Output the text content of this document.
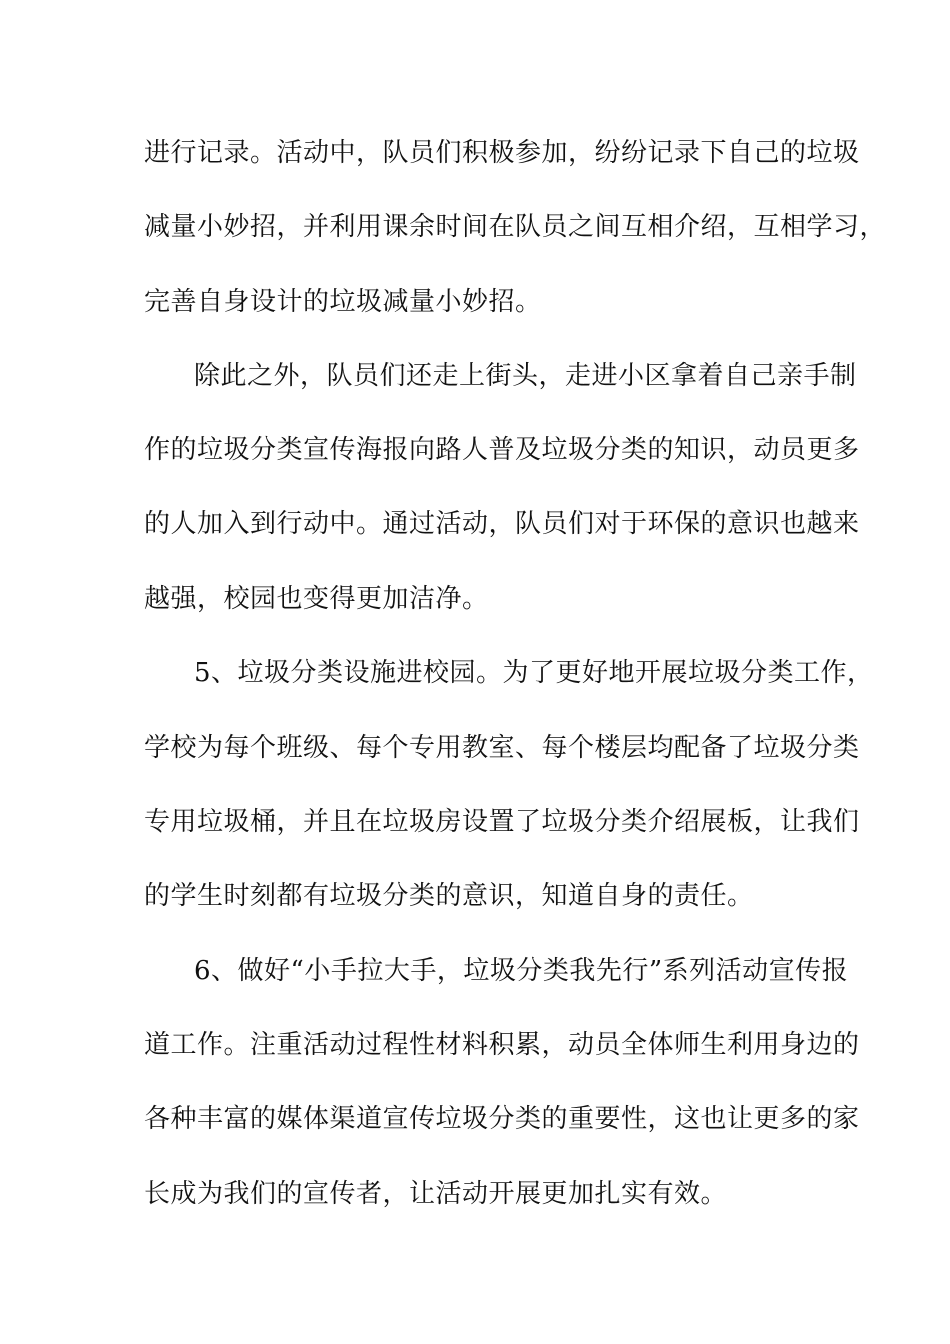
进行记录。活动中，队员们积极参加，纷纷记录下自己的垃圾
减量小妙招，并利用课余时间在队员之间互相介绍，互相学习，
完善自身设计的垃圾减量小妙招。
除此之外，队员们还走上街头，走进小区拿着自己亲手制
作的垃圾分类宣传海报向路人普及垃圾分类的知识，动员更多
的人加入到行动中。通过活动，队员们对于环保的意识也越来
越强，校园也变得更加洁净。
5、垃圾分类设施进校园。为了更好地开展垃圾分类工作，
学校为每个班级、每个专用教室、每个楼层均配备了垃圾分类
专用垃圾桶，并且在垃圾房设置了垃圾分类介绍展板，让我们
的学生时刻都有垃圾分类的意识，知道自身的责任。
6、做好“小手拉大手，垃圾分类我先行”系列活动宣传报
道工作。注重活动过程性材料积累，动员全体师生利用身边的
各种丰富的媒体渠道宣传垃圾分类的重要性，这也让更多的家
长成为我们的宣传者，让活动开展更加扎实有效。
